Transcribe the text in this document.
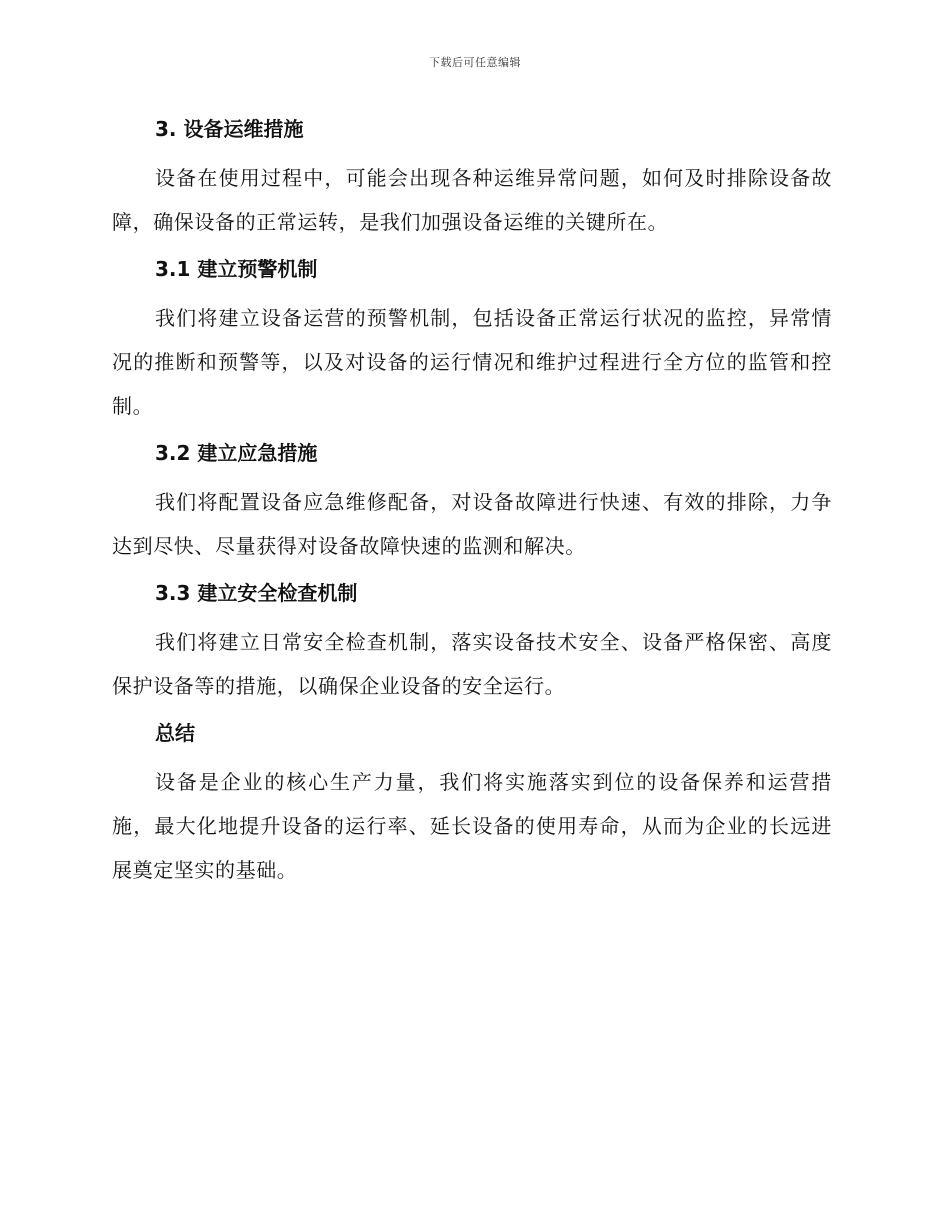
下载后可任意编辑
3. 设备运维措施

设备在使用过程中，可能会出现各种运维异常问题，如何及时排除设备故障，确保设备的正常运转，是我们加强设备运维的关键所在。

3.1 建立预警机制

我们将建立设备运营的预警机制，包括设备正常运行状况的监控，异常情况的推断和预警等，以及对设备的运行情况和维护过程进行全方位的监管和控制。

3.2 建立应急措施

我们将配置设备应急维修配备，对设备故障进行快速、有效的排除，力争达到尽快、尽量获得对设备故障快速的监测和解决。

3.3 建立安全检查机制

我们将建立日常安全检查机制，落实设备技术安全、设备严格保密、高度保护设备等的措施，以确保企业设备的安全运行。

总结

设备是企业的核心生产力量，我们将实施落实到位的设备保养和运营措施，最大化地提升设备的运行率、延长设备的使用寿命，从而为企业的长远进展奠定坚实的基础。
